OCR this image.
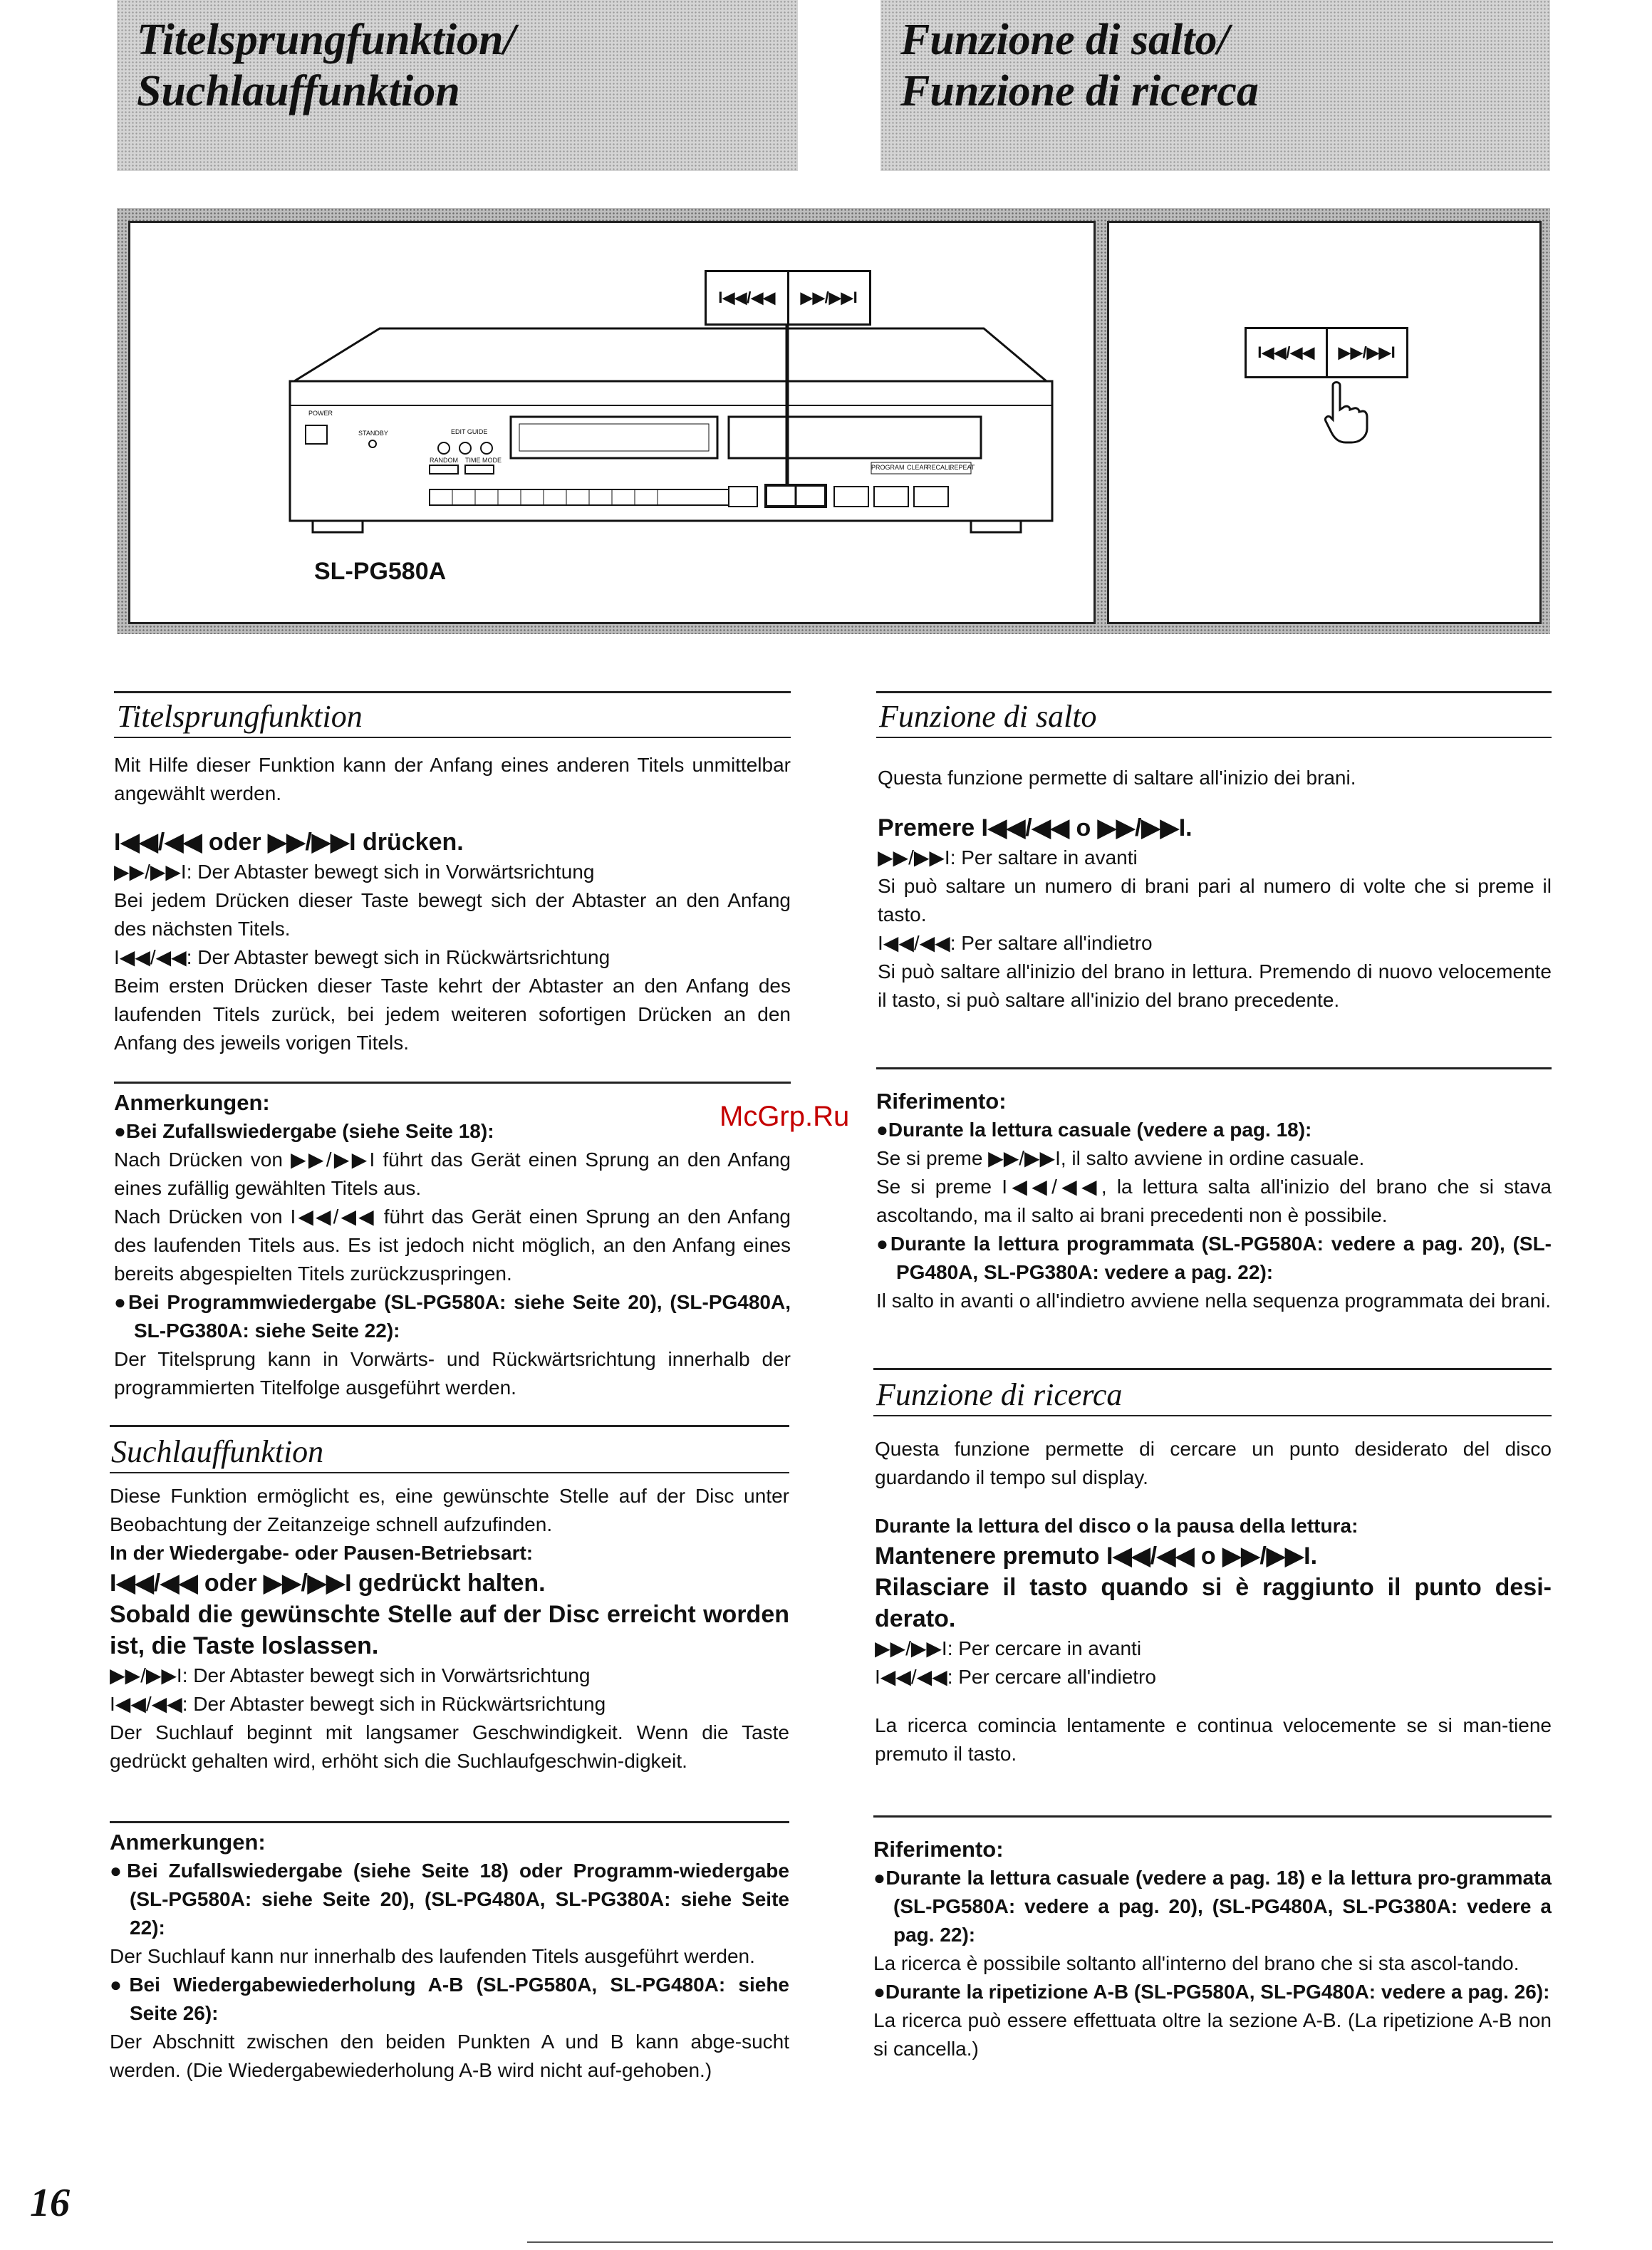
Titelsprungfunktion/
Suchlauffunktion
Funzione di salto/
Funzione di ricerca
I◀◀/◀◀	▶▶/▶▶I
SL-PG580A
POWER
STANDBY	EDIT GUIDE
RANDOM TIME MODE
PROGRAM CLEAR
RECALL
REPEAT
I◀◀/◀◀	▶▶/▶▶I
Titelsprungfunktion
Mit Hilfe dieser Funktion kann der Anfang eines anderen Titels unmittelbar angewählt werden.
I◀◀/◀◀ oder ▶▶/▶▶I drücken.
▶▶/▶▶I: Der Abtaster bewegt sich in Vorwärtsrichtung
Bei jedem Drücken dieser Taste bewegt sich der Abtaster an den Anfang des nächsten Titels.
I◀◀/◀◀: Der Abtaster bewegt sich in Rückwärtsrichtung
Beim ersten Drücken dieser Taste kehrt der Abtaster an den Anfang des laufenden Titels zurück, bei jedem weiteren sofortigen Drücken an den Anfang des jeweils vorigen Titels.
Anmerkungen:
●Bei Zufallswiedergabe (siehe Seite 18):
Nach Drücken von ▶▶/▶▶I führt das Gerät einen Sprung an den Anfang eines zufällig gewählten Titels aus.
Nach Drücken von I◀◀/◀◀ führt das Gerät einen Sprung an den Anfang des laufenden Titels aus. Es ist jedoch nicht möglich, an den Anfang eines bereits abgespielten Titels zurückzuspringen.
●Bei Programmwiedergabe (SL-PG580A: siehe Seite 20), (SL-PG480A, SL-PG380A: siehe Seite 22):
Der Titelsprung kann in Vorwärts- und Rückwärtsrichtung innerhalb der programmierten Titelfolge ausgeführt werden.
Suchlauffunktion
Diese Funktion ermöglicht es, eine gewünschte Stelle auf der Disc unter Beobachtung der Zeitanzeige schnell aufzufinden.
In der Wiedergabe- oder Pausen-Betriebsart:
I◀◀/◀◀ oder ▶▶/▶▶I gedrückt halten.
Sobald die gewünschte Stelle auf der Disc erreicht worden ist, die Taste loslassen.
▶▶/▶▶I: Der Abtaster bewegt sich in Vorwärtsrichtung
I◀◀/◀◀: Der Abtaster bewegt sich in Rückwärtsrichtung
Der Suchlauf beginnt mit langsamer Geschwindigkeit. Wenn die Taste gedrückt gehalten wird, erhöht sich die Suchlaufgeschwin-digkeit.
Anmerkungen:
●Bei Zufallswiedergabe (siehe Seite 18) oder Programm-wiedergabe (SL-PG580A: siehe Seite 20), (SL-PG480A, SL-PG380A: siehe Seite 22):
Der Suchlauf kann nur innerhalb des laufenden Titels ausgeführt werden.
●Bei Wiedergabewiederholung A-B (SL-PG580A, SL-PG480A: siehe Seite 26):
Der Abschnitt zwischen den beiden Punkten A und B kann abge-sucht werden. (Die Wiedergabewiederholung A-B wird nicht auf-gehoben.)
Funzione di salto
Questa funzione permette di saltare all'inizio dei brani.
Premere I◀◀/◀◀ o ▶▶/▶▶I.
▶▶/▶▶I: Per saltare in avanti
Si può saltare un numero di brani pari al numero di volte che si preme il tasto.
I◀◀/◀◀: Per saltare all'indietro
Si può saltare all'inizio del brano in lettura. Premendo di nuovo velocemente il tasto, si può saltare all'inizio del brano precedente.
Riferimento:
●Durante la lettura casuale (vedere a pag. 18):
Se si preme ▶▶/▶▶I, il salto avviene in ordine casuale.
Se si preme I◀◀/◀◀, la lettura salta all'inizio del brano che si stava ascoltando, ma il salto ai brani precedenti non è possibile.
●Durante la lettura programmata (SL-PG580A: vedere a pag. 20), (SL-PG480A, SL-PG380A: vedere a pag. 22):
Il salto in avanti o all'indietro avviene nella sequenza programmata dei brani.
Funzione di ricerca
Questa funzione permette di cercare un punto desiderato del disco guardando il tempo sul display.
Durante la lettura del disco o la pausa della lettura:
Mantenere premuto I◀◀/◀◀ o ▶▶/▶▶I.
Rilasciare il tasto quando si è raggiunto il punto desi-derato.
▶▶/▶▶I: Per cercare in avanti
I◀◀/◀◀: Per cercare all'indietro
La ricerca comincia lentamente e continua velocemente se si man-tiene premuto il tasto.
Riferimento:
●Durante la lettura casuale (vedere a pag. 18) e la lettura pro-grammata (SL-PG580A: vedere a pag. 20), (SL-PG480A, SL-PG380A: vedere a pag. 22):
La ricerca è possibile soltanto all'interno del brano che si sta ascol-tando.
●Durante la ripetizione A-B (SL-PG580A, SL-PG480A: vedere a pag. 26):
La ricerca può essere effettuata oltre la sezione A-B. (La ripetizione A-B non si cancella.)
McGrp.Ru
16
